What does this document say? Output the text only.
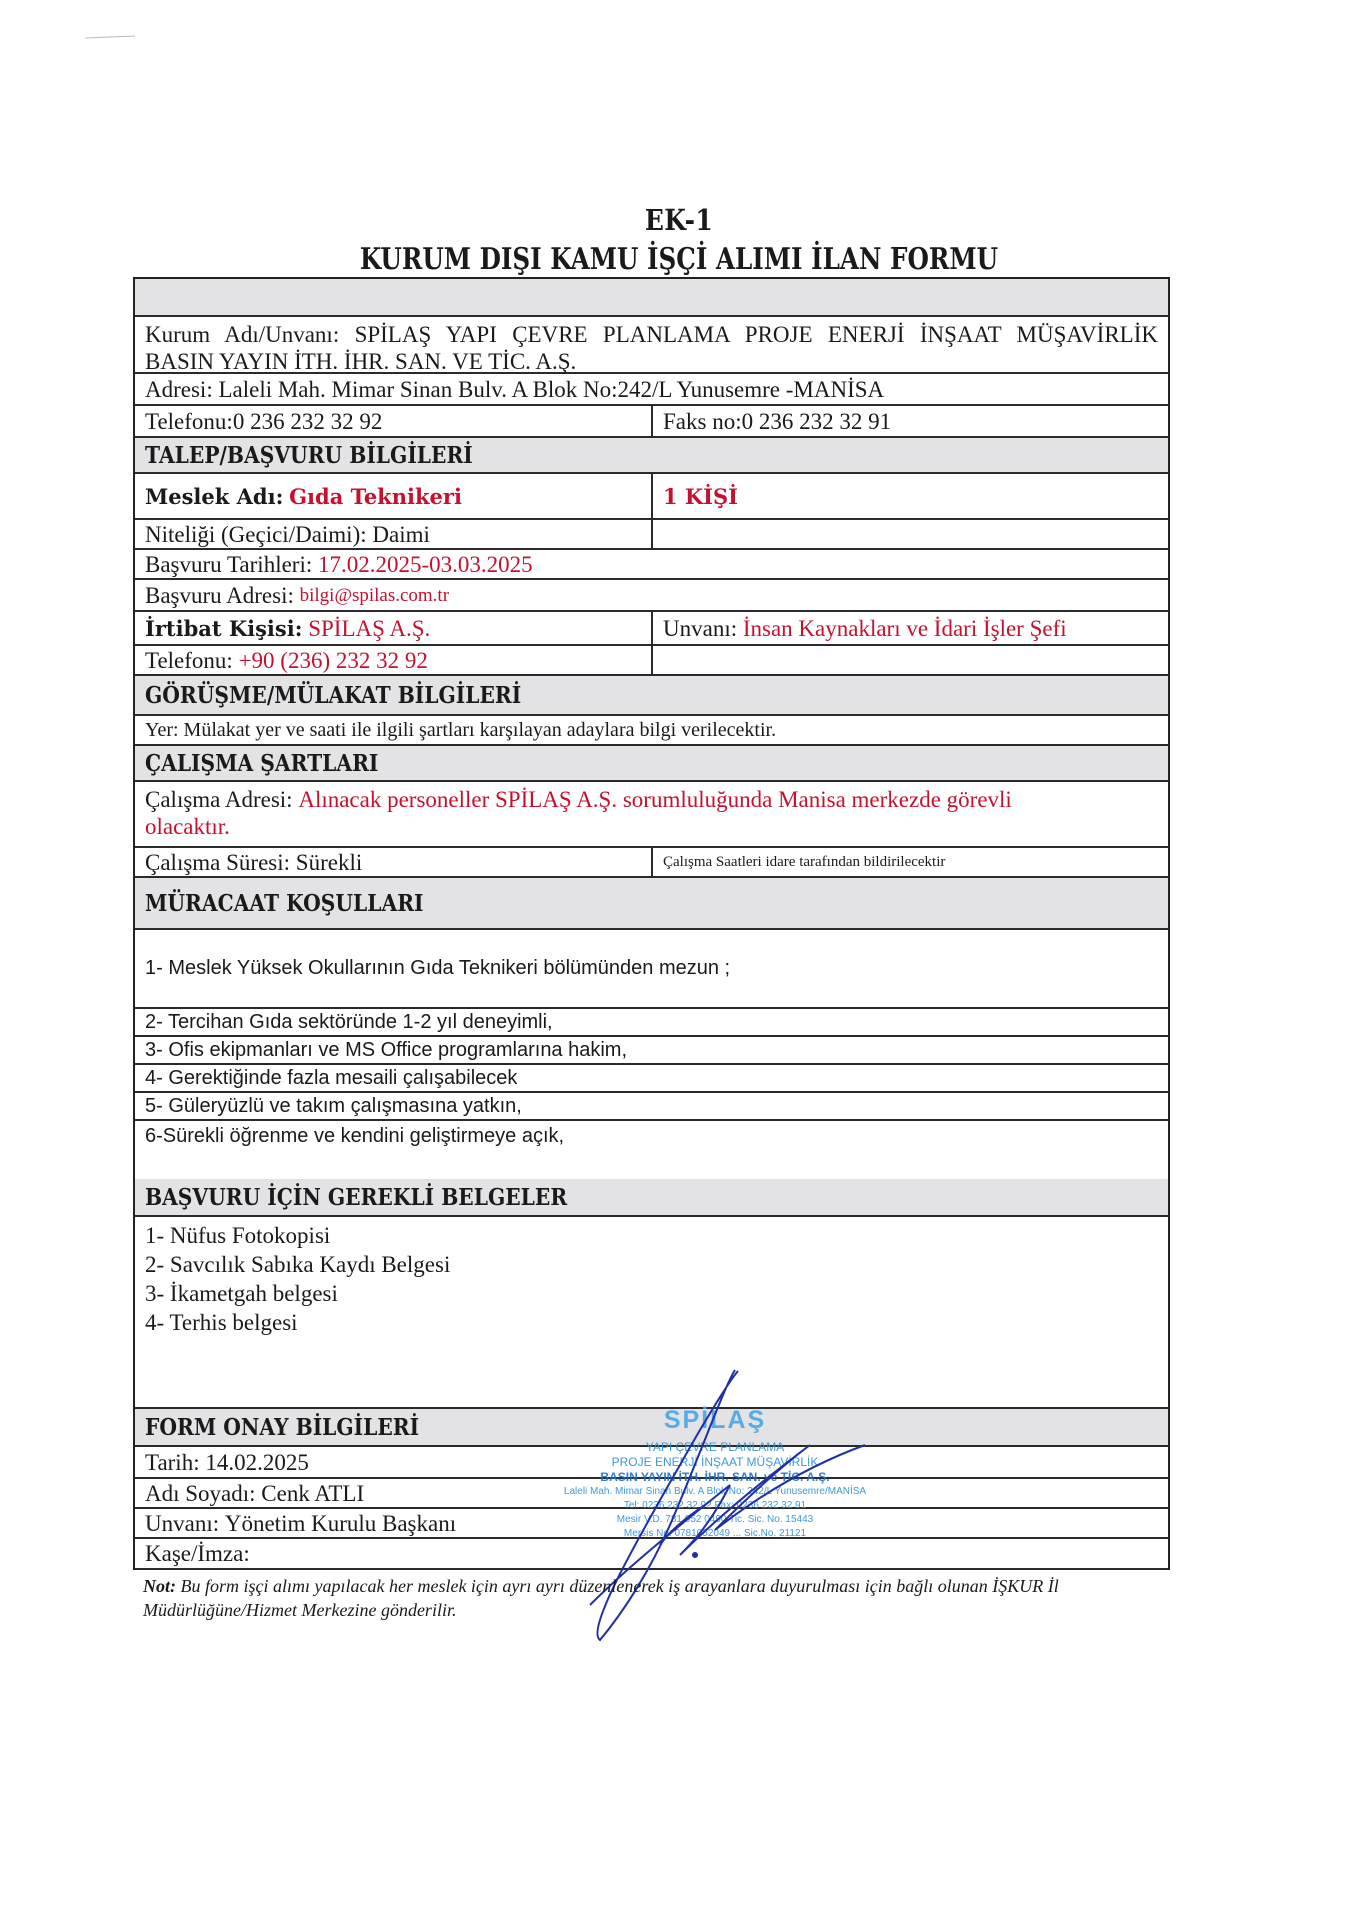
EK-1
KURUM DIŞI KAMU İŞÇİ ALIMI İLAN FORMU
Kurum Adı/Unvanı: SPİLAŞ YAPI ÇEVRE PLANLAMA PROJE ENERJİ İNŞAAT MÜŞAVİRLİK
BASIN YAYIN İTH. İHR. SAN. VE TİC. A.Ş.
Adresi:
Laleli Mah. Mimar Sinan Bulv. A Blok No:242/L Yunusemre -MANİSA
Telefonu: 0 236 232 32 92	Faks no: 0 236 232 32 91
TALEP/BAŞVURU BİLGİLERİ
Meslek Adı:
Gıda Teknikeri	1 KİŞİ
Niteliği (Geçici/Daimi):
Daimi
Başvuru Tarihleri:
17.02.2025-03.03.2025
Başvuru Adresi:
bilgi@spilas.com.tr
İrtibat Kişisi:
SPİLAŞ A.Ş.	Unvanı:
İnsan Kaynakları ve İdari İşler Şefi
Telefonu:
+90 (236) 232 32 92
GÖRÜŞME/MÜLAKAT BİLGİLERİ
Yer:
Mülakat yer ve saati ile ilgili şartları karşılayan adaylara bilgi verilecektir.
ÇALIŞMA ŞARTLARI
Çalışma Adresi: Alınacak personeller SPİLAŞ A.Ş. sorumluluğunda Manisa merkezde görevli
olacaktır.
Çalışma Süresi:
Sürekli	Çalışma Saatleri idare tarafından bildirilecektir
MÜRACAAT KOŞULLARI
1- Meslek Yüksek Okullarının Gıda Teknikeri bölümünden mezun ;
2- Tercihan Gıda sektöründe 1-2 yıl deneyimli,
3- Ofis ekipmanları ve MS Office programlarına hakim,
4- Gerektiğinde fazla mesaili çalışabilecek
5- Güleryüzlü ve takım çalışmasına yatkın,
6-Sürekli öğrenme ve kendini geliştirmeye açık,
BAŞVURU İÇİN GEREKLİ BELGELER
1- Nüfus Fotokopisi
2- Savcılık Sabıka Kaydı Belgesi
3- İkametgah belgesi
4- Terhis belgesi
FORM ONAY BİLGİLERİ
Tarih:
14.02.2025
Adı Soyadı:
Cenk ATLI
Unvanı:
Yönetim Kurulu Başkanı
Kaşe/İmza:
SPİLAŞ
YAPI ÇEVRE PLANLAMA
PROJE ENERJİ İNŞAAT MÜŞAVİRLİK
BASIN YAYIN İTH. İHR. SAN. ve TİC. A.Ş.
Laleli Mah. Mimar Sinan Bulv. A Blok No: 242/L Yunusemre/MANİSA
Tel: 0236 232 32 92 Fax: 0236 232 32 91
Mesir V.D. 781 052 0490 Tic. Sic. No. 15443
Mersis No: 0781052049 ... Sic.No. 21121
Not: Bu form işçi alımı yapılacak her meslek için ayrı ayrı düzenlenerek iş arayanlara duyurulması için bağlı olunan İŞKUR İl
Müdürlüğüne/Hizmet Merkezine gönderilir.
